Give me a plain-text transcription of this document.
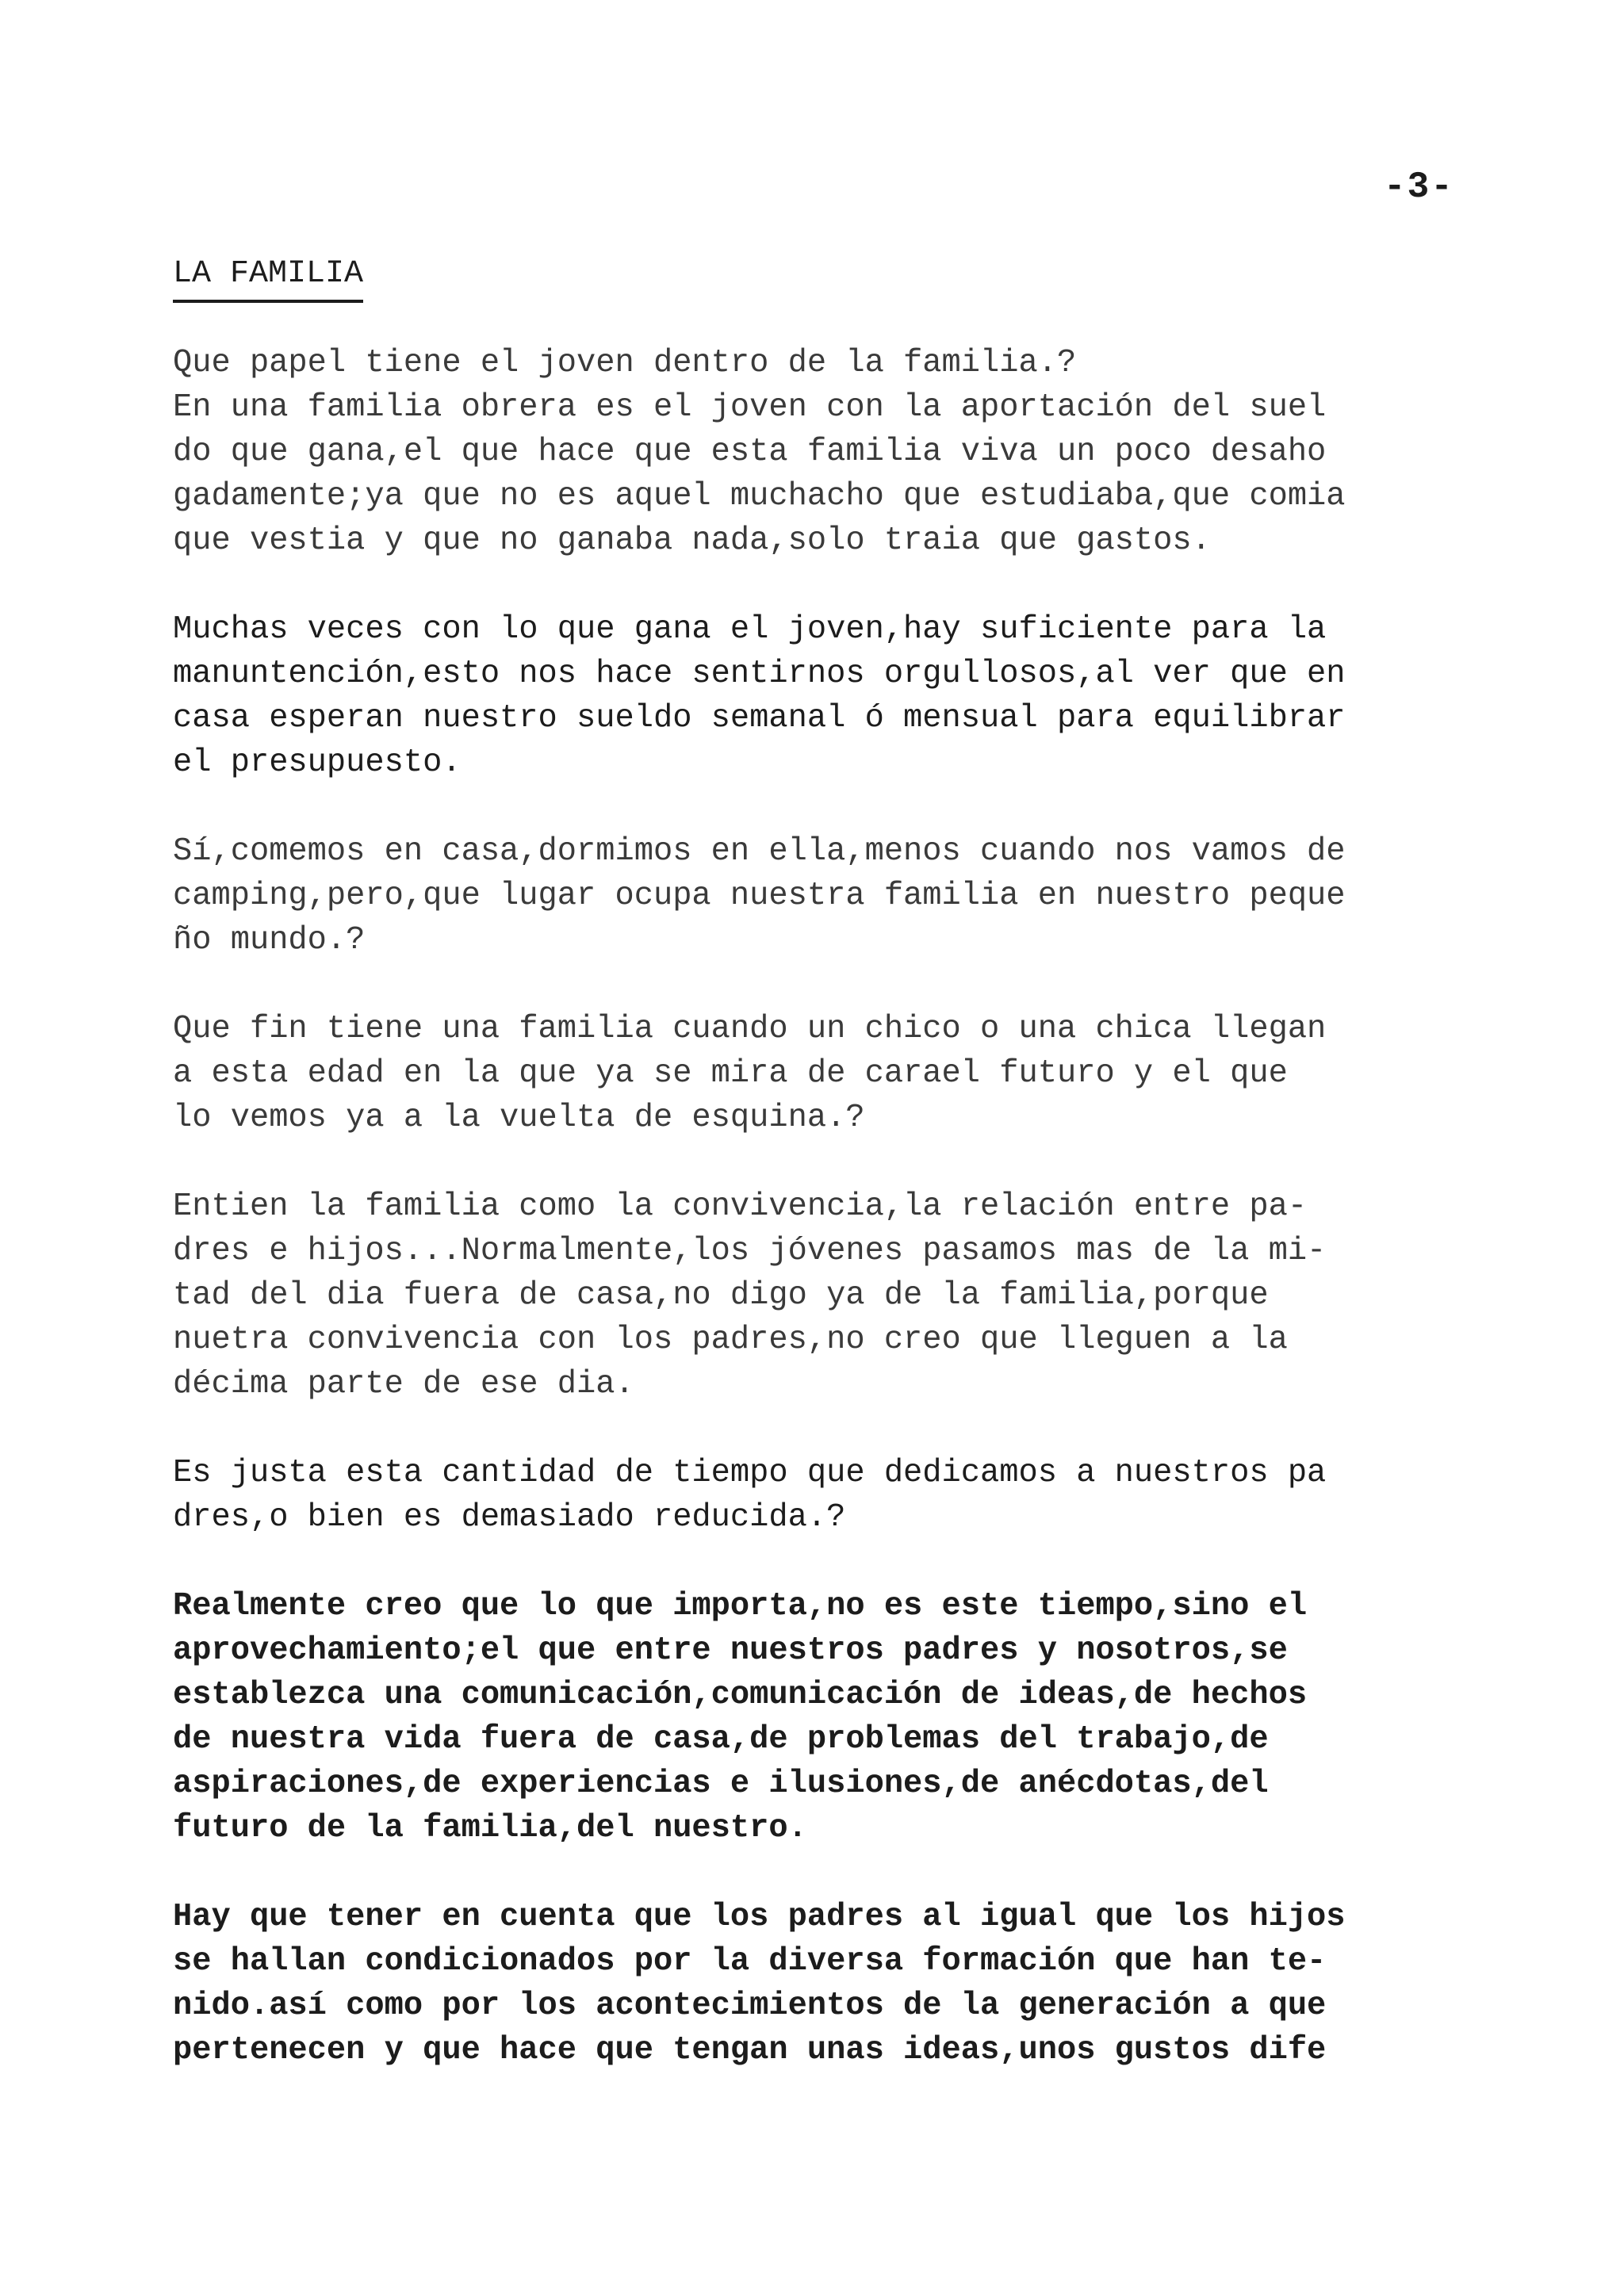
-3-
LA FAMILIA

Que papel tiene el joven dentro de la familia.?
En una familia obrera es el joven con la aportación del suel
do que gana,el que hace que esta familia viva un poco desaho
gadamente;ya que no es aquel muchacho que estudiaba,que comia
que vestia y que no ganaba nada,solo traia que gastos.

Muchas veces con lo que gana el joven,hay suficiente para la
manuntención,esto nos hace sentirnos orgullosos,al ver que en
casa esperan nuestro sueldo semanal ó mensual para equilibrar
el presupuesto.

Sí,comemos en casa,dormimos en ella,menos cuando nos vamos de
camping,pero,que lugar ocupa nuestra familia en nuestro peque
ño mundo.?

Que fin tiene una familia cuando un chico o una chica llegan
a esta edad en la que ya se mira de carael futuro y el que
lo vemos ya a la vuelta de esquina.?

Entien la familia como la convivencia,la relación entre pa-
dres e hijos...Normalmente,los jóvenes pasamos mas de la mi-
tad del dia fuera de casa,no digo ya de la familia,porque
nuetra convivencia con los padres,no creo que lleguen a la
décima parte de ese dia.

Es justa esta cantidad de tiempo que dedicamos a nuestros pa
dres,o bien es demasiado reducida.?

Realmente creo que lo que importa,no es este tiempo,sino el
aprovechamiento;el que entre nuestros padres y nosotros,se
establezca una comunicación,comunicación de ideas,de hechos
de nuestra vida fuera de casa,de problemas del trabajo,de
aspiraciones,de experiencias e ilusiones,de anécdotas,del
futuro de la familia,del nuestro.

Hay que tener en cuenta que los padres al igual que los hijos
se hallan condicionados por la diversa formación que han te-
nido.así como por los acontecimientos de la generación a que
pertenecen y que hace que tengan unas ideas,unos gustos dife
